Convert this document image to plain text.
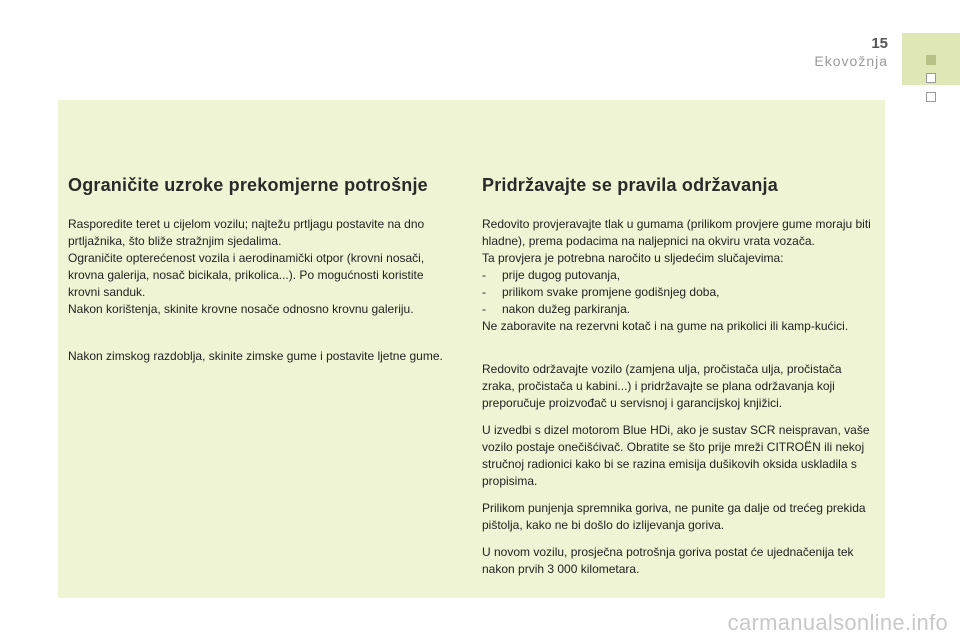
15
Ekovožnja
Ograničite uzroke prekomjerne potrošnje

Rasporedite teret u cijelom vozilu; najtežu prtljagu postavite na dno prtljažnika, što bliže stražnjim sjedalima.

Ograničite opterećenost vozila i aerodinamički otpor (krovni nosači, krovna galerija, nosač bicikala, prikolica...). Po mogućnosti koristite krovni sanduk.

Nakon korištenja, skinite krovne nosače odnosno krovnu galeriju.

Nakon zimskog razdoblja, skinite zimske gume i postavite ljetne gume.

Pridržavajte se pravila održavanja

Redovito provjeravajte tlak u gumama (prilikom provjere gume moraju biti hladne), prema podacima na naljepnici na okviru vrata vozača.

Ta provjera je potrebna naročito u sljedećim slučajevima:

-	prije dugog putovanja,
-	prilikom svake promjene godišnjeg doba,
-	nakon dužeg parkiranja.

Ne zaboravite na rezervni kotač i na gume na prikolici ili kamp-kućici.

Redovito održavajte vozilo (zamjena ulja, pročistača ulja, pročistača zraka, pročistača u kabini...) i pridržavajte se plana održavanja koji preporučuje proizvođač u servisnoj i garancijskoj knjižici.

U izvedbi s dizel motorom Blue HDi, ako je sustav SCR neispravan, vaše vozilo postaje onečišćivač. Obratite se što prije mreži CITROËN ili nekoj stručnoj radionici kako bi se razina emisija dušikovih oksida uskladila s propisima.

Prilikom punjenja spremnika goriva, ne punite ga dalje od trećeg prekida pištolja, kako ne bi došlo do izlijevanja goriva.

U novom vozilu, prosječna potrošnja goriva postat će ujednačenija tek nakon prvih 3 000 kilometara.

carmanualsonline.info
